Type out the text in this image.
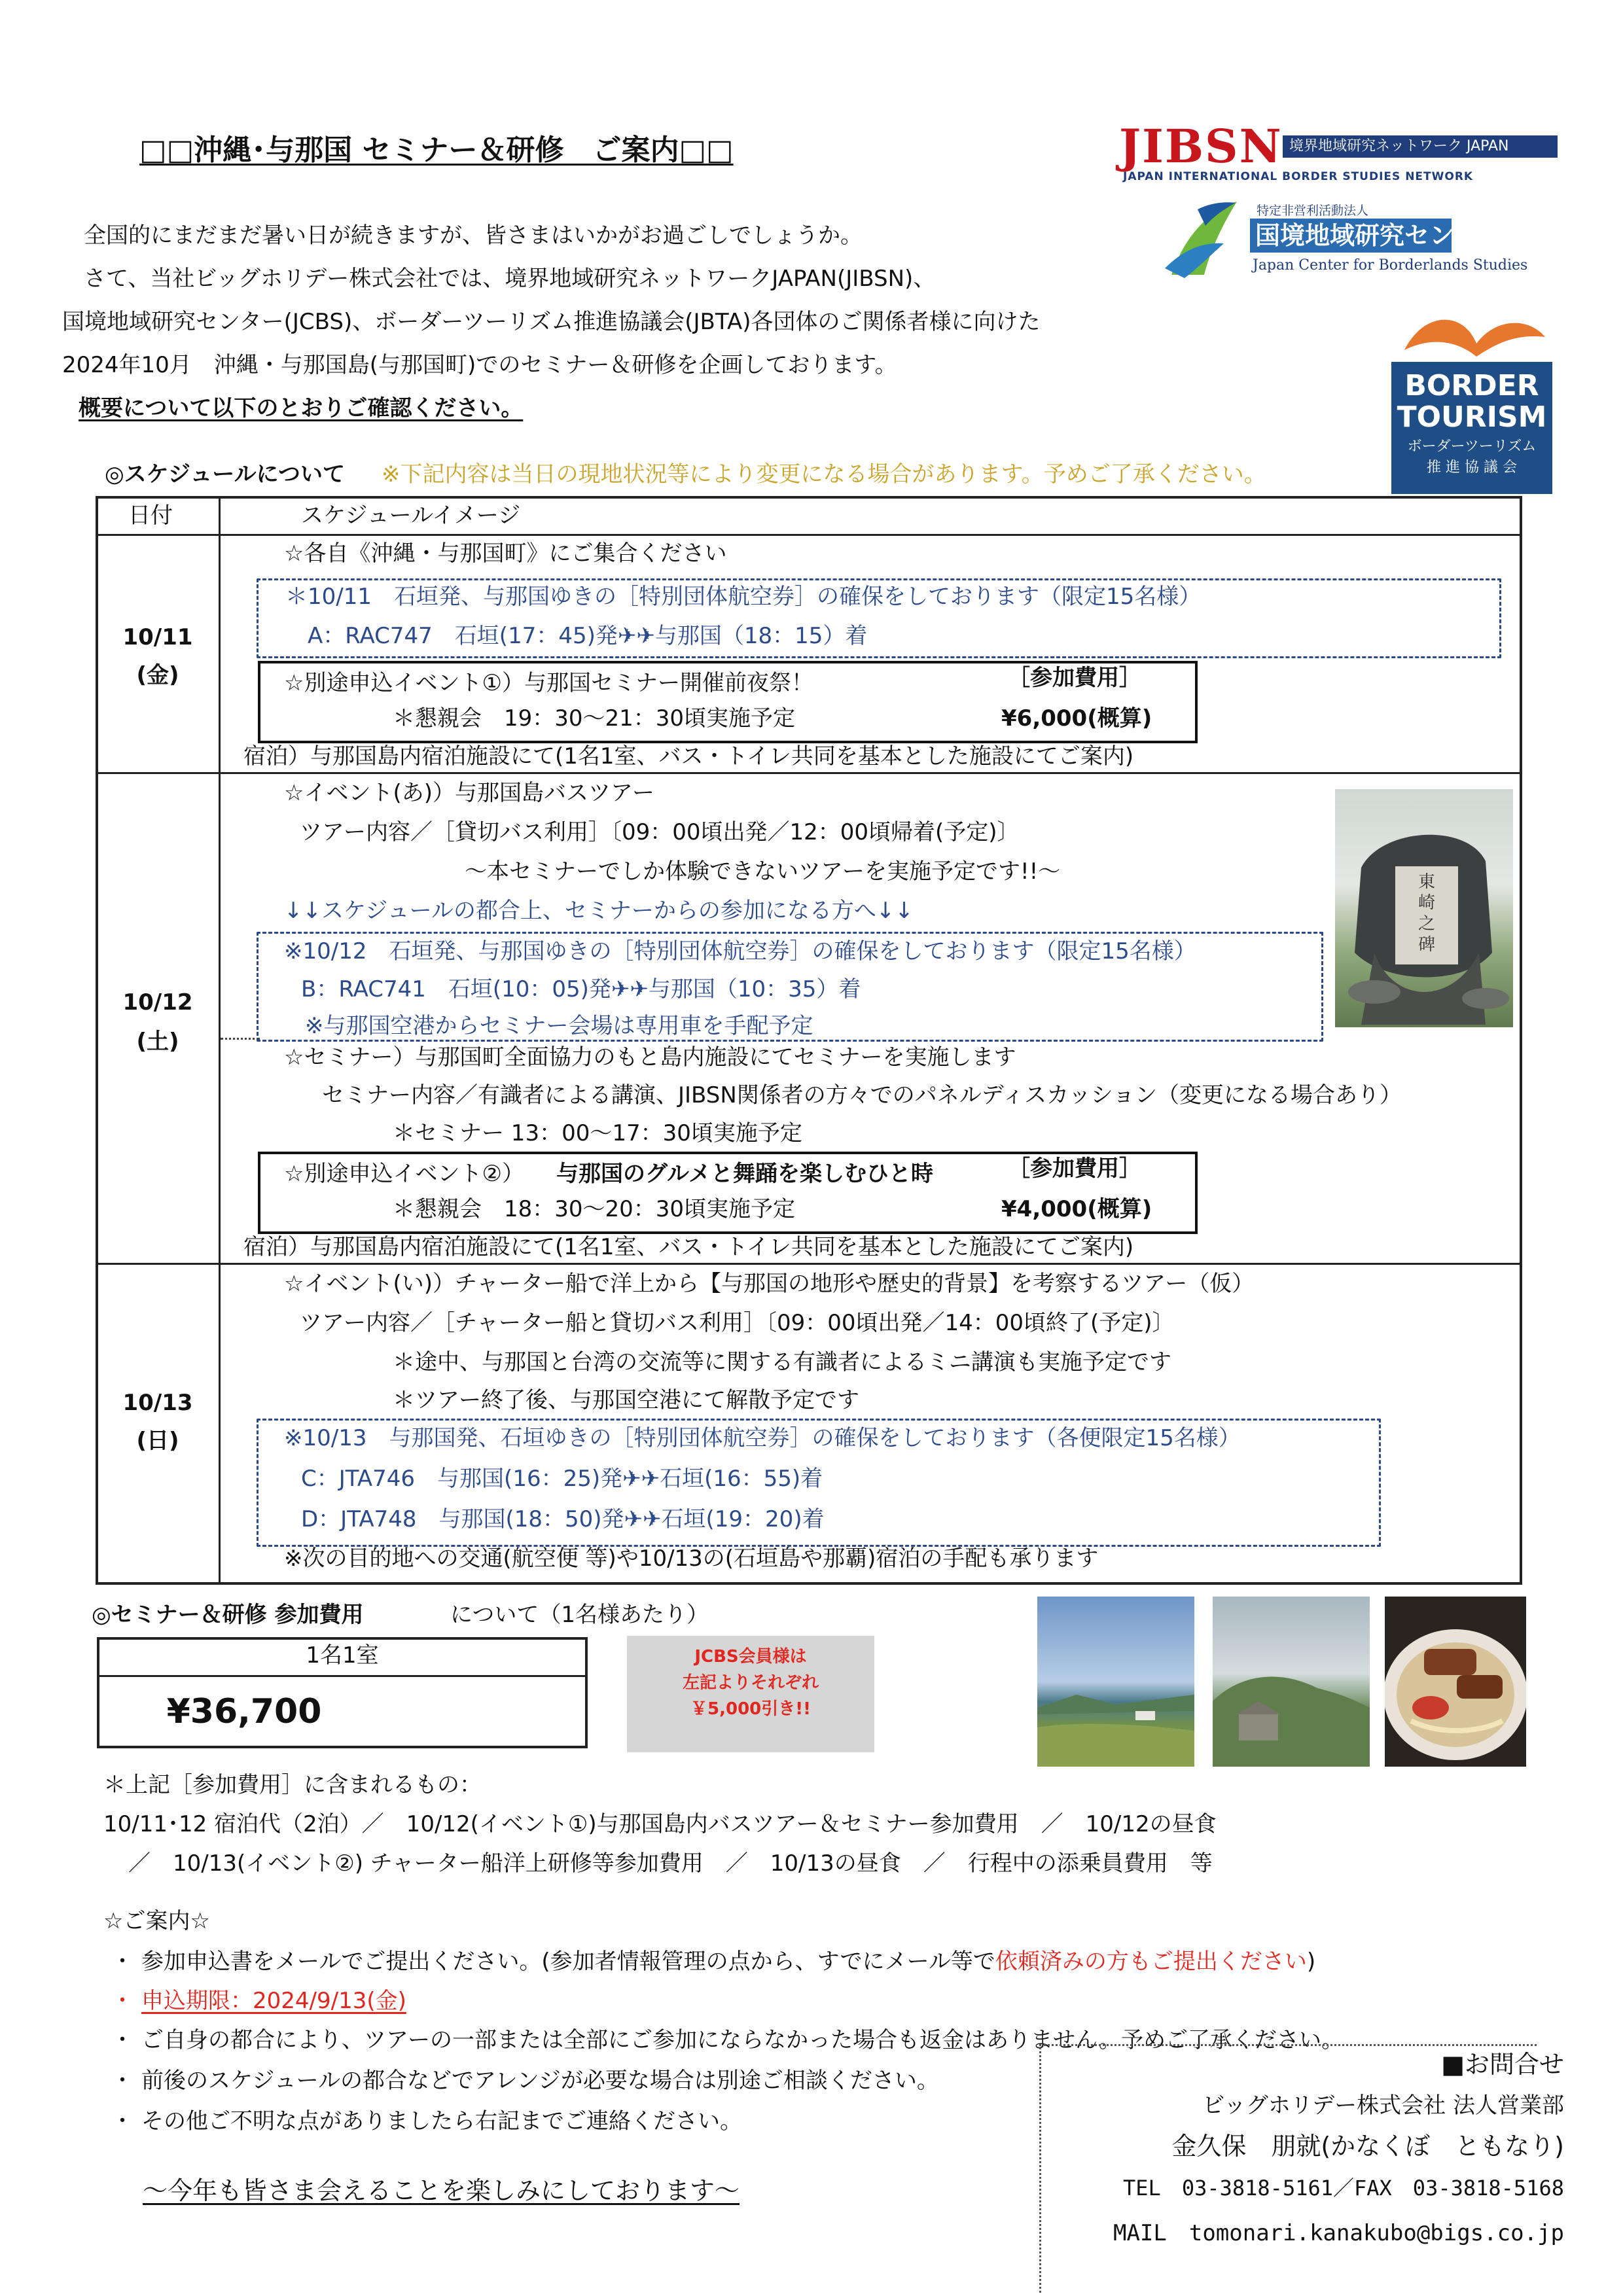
□□沖縄･与那国 セミナー＆研修　ご案内□□	JIBSN 境界地域研究ネットワーク JAPAN
JAPAN INTERNATIONAL BORDER STUDIES NETWORK
特定非営利活動法人
国境地域研究センター
Japan Center for Borderlands Studies
BORDER
TOURISM
ボーダーツーリズム
推 進 協 議 会
全国的にまだまだ暑い日が続きますが、皆さまはいかがお過ごしでしょうか。
さて、当社ビッグホリデー株式会社では、境界地域研究ネットワークJAPAN(JIBSN)、
国境地域研究センター(JCBS)、ボーダーツーリズム推進協議会(JBTA)各団体のご関係者様に向けた
2024年10月　沖縄・与那国島(与那国町)でのセミナー＆研修を企画しております。
概要について以下のとおりご確認ください。
◎スケジュールについて ※下記内容は当日の現地状況等により変更になる場合があります。予めご了承ください。
日付	スケジュールイメージ
10/11
(金)
☆各自《沖縄・与那国町》にご集合ください
＊10/11　石垣発、与那国ゆきの［特別団体航空券］の確保をしております（限定15名様）
A：RAC747　石垣(17：45)発✈✈与那国（18：15）着
☆別途申込イベント①）与那国セミナー開催前夜祭！	［参加費用］
＊懇親会　19：30～21：30頃実施予定	¥6,000(概算)
宿泊）与那国島内宿泊施設にて(1名1室、バス・トイレ共同を基本とした施設にてご案内)
10/12
(土)
☆イベント(あ)）与那国島バスツアー
ツアー内容／［貸切バス利用］〔09：00頃出発／12：00頃帰着(予定)〕
～本セミナーでしか体験できないツアーを実施予定です!!～
↓↓スケジュールの都合上、セミナーからの参加になる方へ↓↓
※10/12　石垣発、与那国ゆきの［特別団体航空券］の確保をしております（限定15名様）
B：RAC741　石垣(10：05)発✈✈与那国（10：35）着
※与那国空港からセミナー会場は専用車を手配予定
東崎之碑
☆セミナー）与那国町全面協力のもと島内施設にてセミナーを実施します
セミナー内容／有識者による講演、JIBSN関係者の方々でのパネルディスカッション（変更になる場合あり）
＊セミナー 13：00～17：30頃実施予定
☆別途申込イベント②） 与那国のグルメと舞踊を楽しむひと時	［参加費用］
＊懇親会　18：30～20：30頃実施予定	¥4,000(概算)
宿泊）与那国島内宿泊施設にて(1名1室、バス・トイレ共同を基本とした施設にてご案内)
10/13
(日)
☆イベント(い)）チャーター船で洋上から【与那国の地形や歴史的背景】を考察するツアー（仮）
ツアー内容／［チャーター船と貸切バス利用］〔09：00頃出発／14：00頃終了(予定)〕
＊途中、与那国と台湾の交流等に関する有識者によるミニ講演も実施予定です
＊ツアー終了後、与那国空港にて解散予定です
※10/13　与那国発、石垣ゆきの［特別団体航空券］の確保をしております（各便限定15名様）
C：JTA746　与那国(16：25)発✈✈石垣(16：55)着
D：JTA748　与那国(18：50)発✈✈石垣(19：20)着
※次の目的地への交通(航空便 等)や10/13の(石垣島や那覇)宿泊の手配も承ります
◎セミナー＆研修 参加費用	について（1名様あたり）
1名1室
¥36,700
JCBS会員様は
左記よりそれぞれ
￥5,000引き!!
＊上記［参加費用］に含まれるもの：
10/11･12 宿泊代（2泊）／　10/12(イベント①)与那国島内バスツアー＆セミナー参加費用　／　10/12の昼食
／　10/13(イベント②) チャーター船洋上研修等参加費用　／　10/13の昼食　／　行程中の添乗員費用　等
☆ご案内☆
・ 参加申込書をメールでご提出ください。(参加者情報管理の点から、すでにメール等で依頼済みの方もご提出ください)
・ 申込期限：2024/9/13(金)
・ ご自身の都合により、ツアーの一部または全部にご参加にならなかった場合も返金はありません。予めご了承ください。
・ 前後のスケジュールの都合などでアレンジが必要な場合は別途ご相談ください。
・ その他ご不明な点がありましたら右記までご連絡ください。
～今年も皆さま会えることを楽しみにしております～
■お問合せ
ビッグホリデー株式会社 法人営業部
金久保　朋就(かなくぼ　ともなり)
TEL　03-3818-5161／FAX　03-3818-5168
MAIL　tomonari.kanakubo@bigs.co.jp
